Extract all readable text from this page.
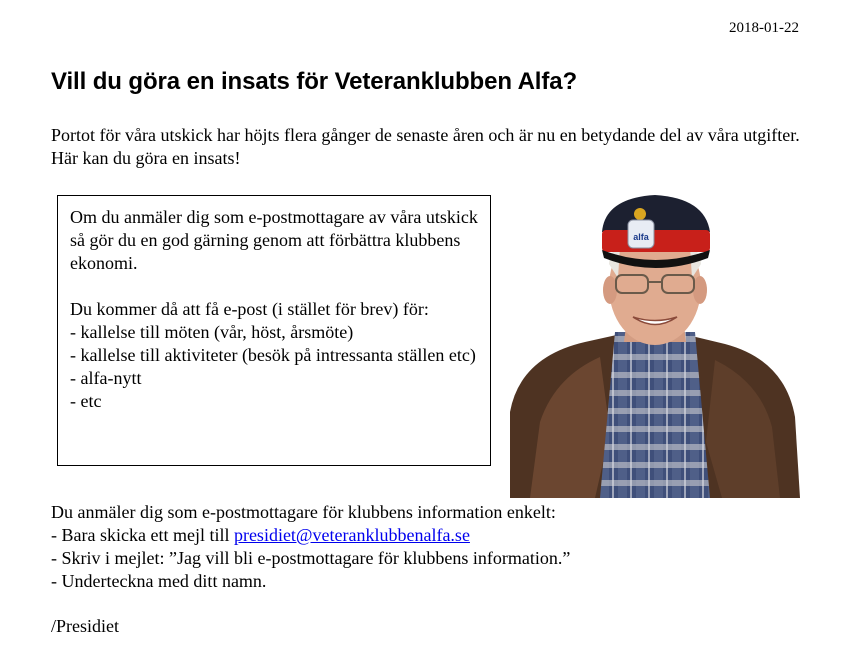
2018-01-22
Vill du göra en insats för Veteranklubben Alfa?

Portot för våra utskick har höjts flera gånger de senaste åren och är nu en betydande del av våra utgifter. Här kan du göra en insats!

Om du anmäler dig som e-postmottagare av våra utskick så gör du en god gärning genom att förbättra klubbens ekonomi.

Du kommer då att få e-post (i stället för brev) för:

- kallelse till möten (vår, höst, årsmöte)
- kallelse till aktiviteter (besök på intressanta ställen etc)
- alfa-nytt
- etc
alfa

Du anmäler dig som e-postmottagare för klubbens information enkelt:

- Bara skicka ett mejl till presidiet@veteranklubbenalfa.se

- Skriv i mejlet: ”Jag vill bli e-postmottagare för klubbens information.”

- Underteckna med ditt namn.

/Presidiet
